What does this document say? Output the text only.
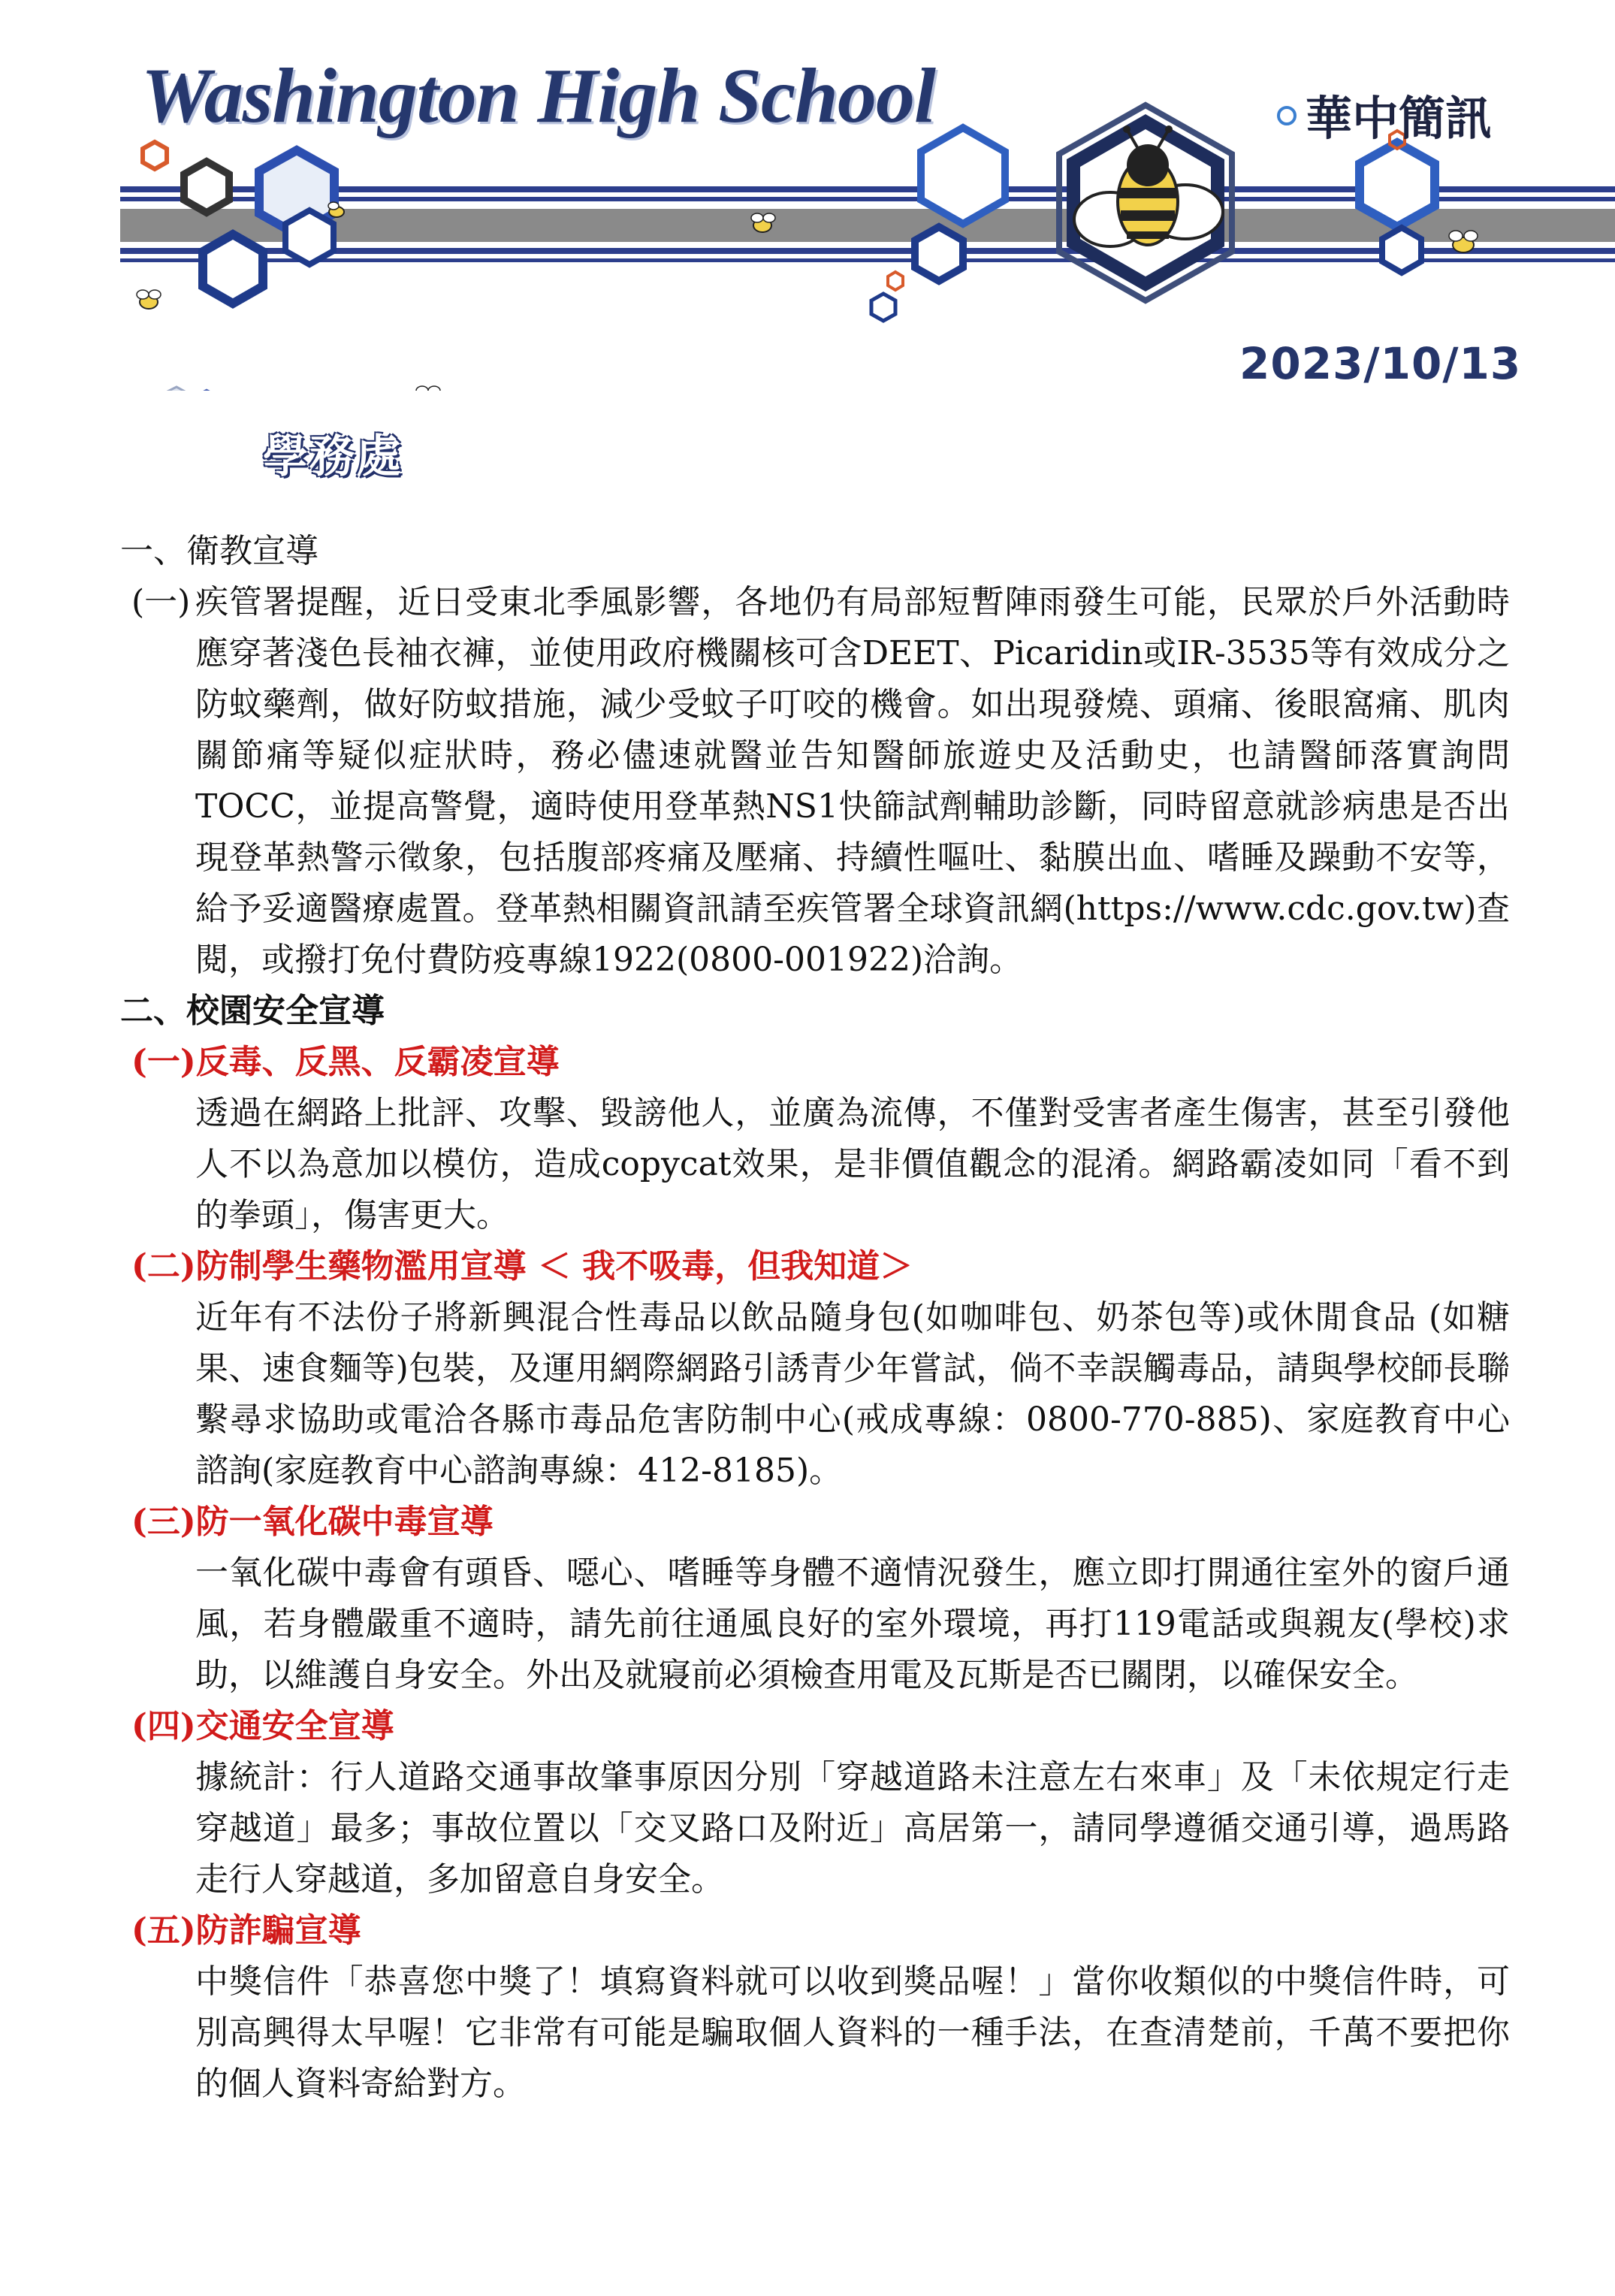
Washington High School	華中簡訊
2023/10/13
學務處

一、衛教宣導

(一) 疾管署提醒，近日受東北季風影響，各地仍有局部短暫陣雨發生可能，民眾於戶外活動時應穿著淺色長袖衣褲，並使用政府機關核可含DEET、Picaridin或IR-3535等有效成分之防蚊藥劑，做好防蚊措施，減少受蚊子叮咬的機會。如出現發燒、頭痛、後眼窩痛、肌肉關節痛等疑似症狀時，務必儘速就醫並告知醫師旅遊史及活動史，也請醫師落實詢問TOCC，並提高警覺，適時使用登革熱NS1快篩試劑輔助診斷，同時留意就診病患是否出現登革熱警示徵象，包括腹部疼痛及壓痛、持續性嘔吐、黏膜出血、嗜睡及躁動不安等，給予妥適醫療處置。登革熱相關資訊請至疾管署全球資訊網(https://www.cdc.gov.tw)查閱，或撥打免付費防疫專線1922(0800-001922)洽詢。

二、校園安全宣導

(一)反毒、反黑、反霸凌宣導

透過在網路上批評、攻擊、毀謗他人，並廣為流傳，不僅對受害者產生傷害，甚至引發他人不以為意加以模仿，造成copycat效果，是非價值觀念的混淆。網路霸凌如同「看不到的拳頭」，傷害更大。

(二)防制學生藥物濫用宣導 ＜ 我不吸毒，但我知道＞

近年有不法份子將新興混合性毒品以飲品隨身包(如咖啡包、奶茶包等)或休閒食品 (如糖果、速食麵等)包裝，及運用網際網路引誘青少年嘗試，倘不幸誤觸毒品，請與學校師長聯繫尋求協助或電洽各縣市毒品危害防制中心(戒成專線：0800-770-885)、家庭教育中心諮詢(家庭教育中心諮詢專線：412-8185)。

(三)防一氧化碳中毒宣導

一氧化碳中毒會有頭昏、噁心、嗜睡等身體不適情況發生，應立即打開通往室外的窗戶通風，若身體嚴重不適時，請先前往通風良好的室外環境，再打119電話或與親友(學校)求助，以維護自身安全。外出及就寢前必須檢查用電及瓦斯是否已關閉，以確保安全。

(四)交通安全宣導

據統計：行人道路交通事故肇事原因分別「穿越道路未注意左右來車」及「未依規定行走穿越道」最多；事故位置以「交叉路口及附近」高居第一，請同學遵循交通引導，過馬路走行人穿越道，多加留意自身安全。

(五)防詐騙宣導

中獎信件「恭喜您中獎了！填寫資料就可以收到獎品喔！」當你收類似的中獎信件時，可別高興得太早喔！它非常有可能是騙取個人資料的一種手法，在查清楚前，千萬不要把你的個人資料寄給對方。
